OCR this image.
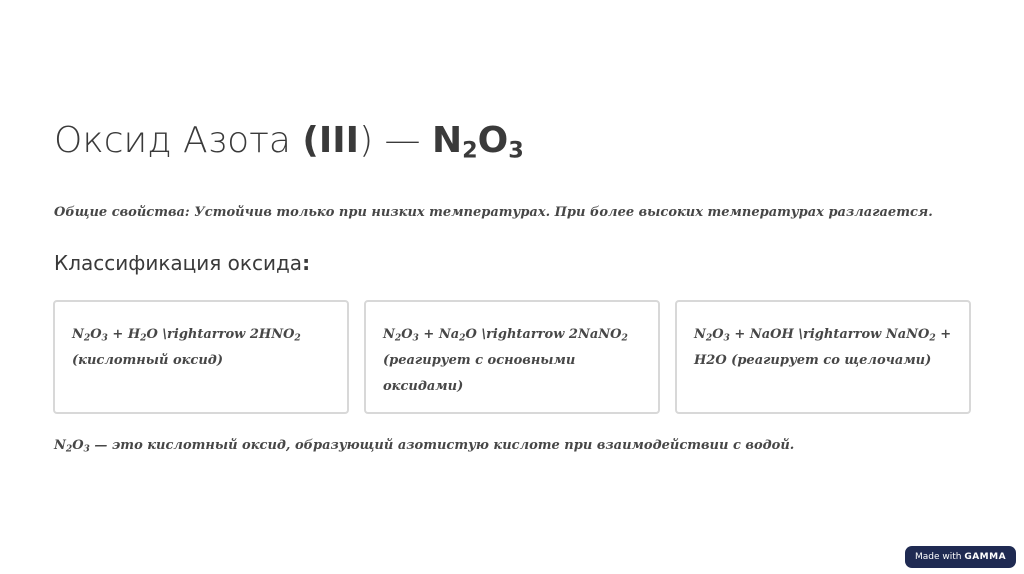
Оксид Азота (III) — $N_2O_3$

Общие свойства: Устойчив только при низких температурах. При более высоких температурах разлагается.

Классификация оксида:
$N_2O_3 + H_2O$ \rightarrow $2HNO_2$ (кислотный оксид)
$N_2O_3 + Na_2O$ \rightarrow 2NaNO$_2$ (реагирует с основными оксидами)
$N_2O_3$ + NaOH \rightarrow NaNO$_2$ + H2O (реагирует со щелочами)

$N_2O_3$ — это кислотный оксид, образующий азотистую кислоте при взаимодействии с водой.

Made with GAMMA
